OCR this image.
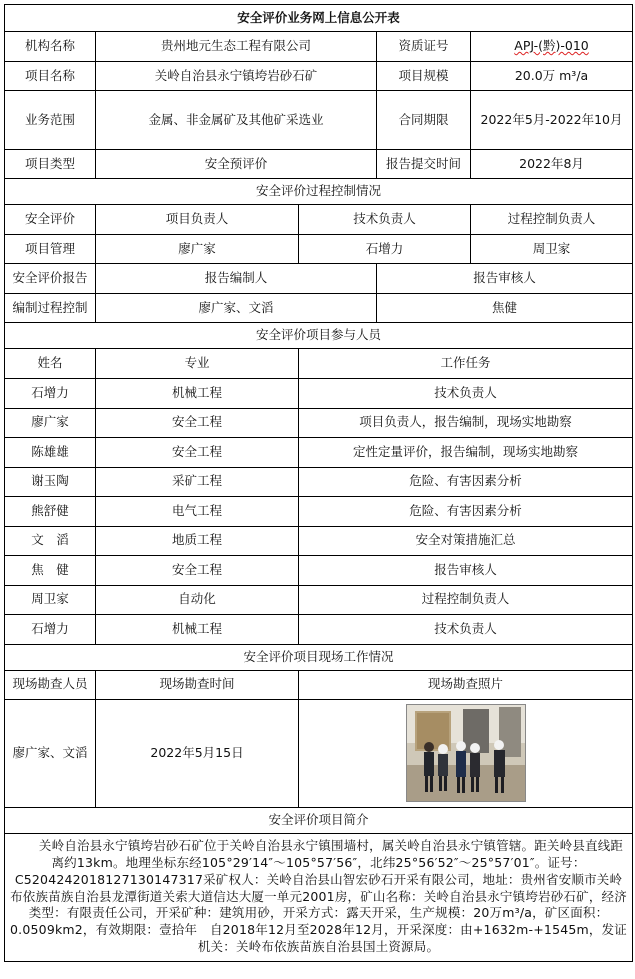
安全评价业务网上信息公开表				
机构名称	贵州地元生态工程有限公司		资质证号	APJ-(黔)-010
项目名称	关岭自治县永宁镇垮岩砂石矿		项目规模	20.0万 m³/a
业务范围	金属、非金属矿及其他矿采选业		合同期限	2022年5月-2022年10月
项目类型	安全预评价		报告提交时间	2022年8月
安全评价过程控制情况				
安全评价	项目负责人	技术负责人		过程控制负责人
项目管理	廖广家	石增力		周卫家
安全评价报告	报告编制人		报告审核人	
编制过程控制	廖广家、文滔		焦健	
安全评价项目参与人员				
姓名	专业	工作任务		
石增力	机械工程	技术负责人		
廖广家	安全工程	项目负责人，报告编制，现场实地勘察		
陈雄雄	安全工程	定性定量评价，报告编制，现场实地勘察		
谢玉陶	采矿工程	危险、有害因素分析		
熊舒健	电气工程	危险、有害因素分析		
文　滔	地质工程	安全对策措施汇总		
焦　健	安全工程	报告审核人		
周卫家	自动化	过程控制负责人		
石增力	机械工程	技术负责人		
安全评价项目现场工作情况				
现场勘查人员	现场勘查时间	现场勘查照片		
廖广家、文滔	2022年5月15日	

安全评价项目简介				
关岭自治县永宁镇垮岩砂石矿位于关岭自治县永宁镇围墙村，属关岭自治县永宁镇管辖。距关岭县直线距离约13km。地理坐标东经105°29′14″～105°57′56″，北纬25°56′52″～25°57′01″。证号：C5204242018127130147317采矿权人：关岭自治县山智宏砂石开采有限公司，地址：贵州省安顺市关岭布依族苗族自治县龙潭街道关索大道信达大厦一单元2001房，矿山名称：关岭自治县永宁镇垮岩砂石矿，经济类型：有限责任公司，开采矿种：建筑用砂，开采方式：露天开采，生产规模：20万m³/a，矿区面积：0.0509km2，有效期限：壹拾年　自2018年12月至2028年12月，开采深度：由+1632m-+1545m，发证机关：关岭布依族苗族自治县国土资源局。				
